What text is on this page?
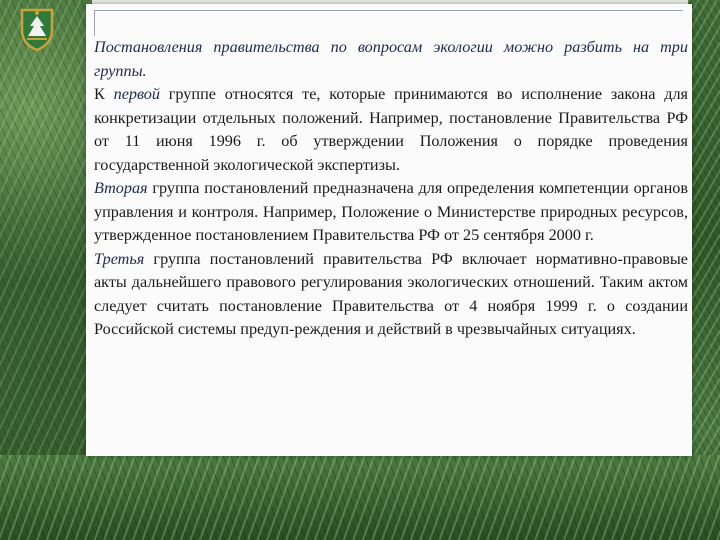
Постановления правительства по вопросам экологии можно разбить на три группы.

К первой группе относятся те, которые принимаются во исполнение закона для конкретизации отдельных положений. Например, постановление Правительства РФ от 11 июня 1996 г. об утверждении Положения о порядке проведения государственной экологической экспертизы.

Вторая группа постановлений предназначена для определения компетенции органов управления и контроля. Например, Положение о Министерстве природных ресурсов, утвержденное постановлением Правительства РФ от 25 сентября 2000 г.

Третья группа постановлений правительства РФ включает нормативно-правовые акты дальнейшего правового регулирования экологических отношений. Таким актом следует считать постановление Правительства от 4 ноября 1999 г. о создании Российской системы предуп-реждения и действий в чрезвычайных ситуациях.
